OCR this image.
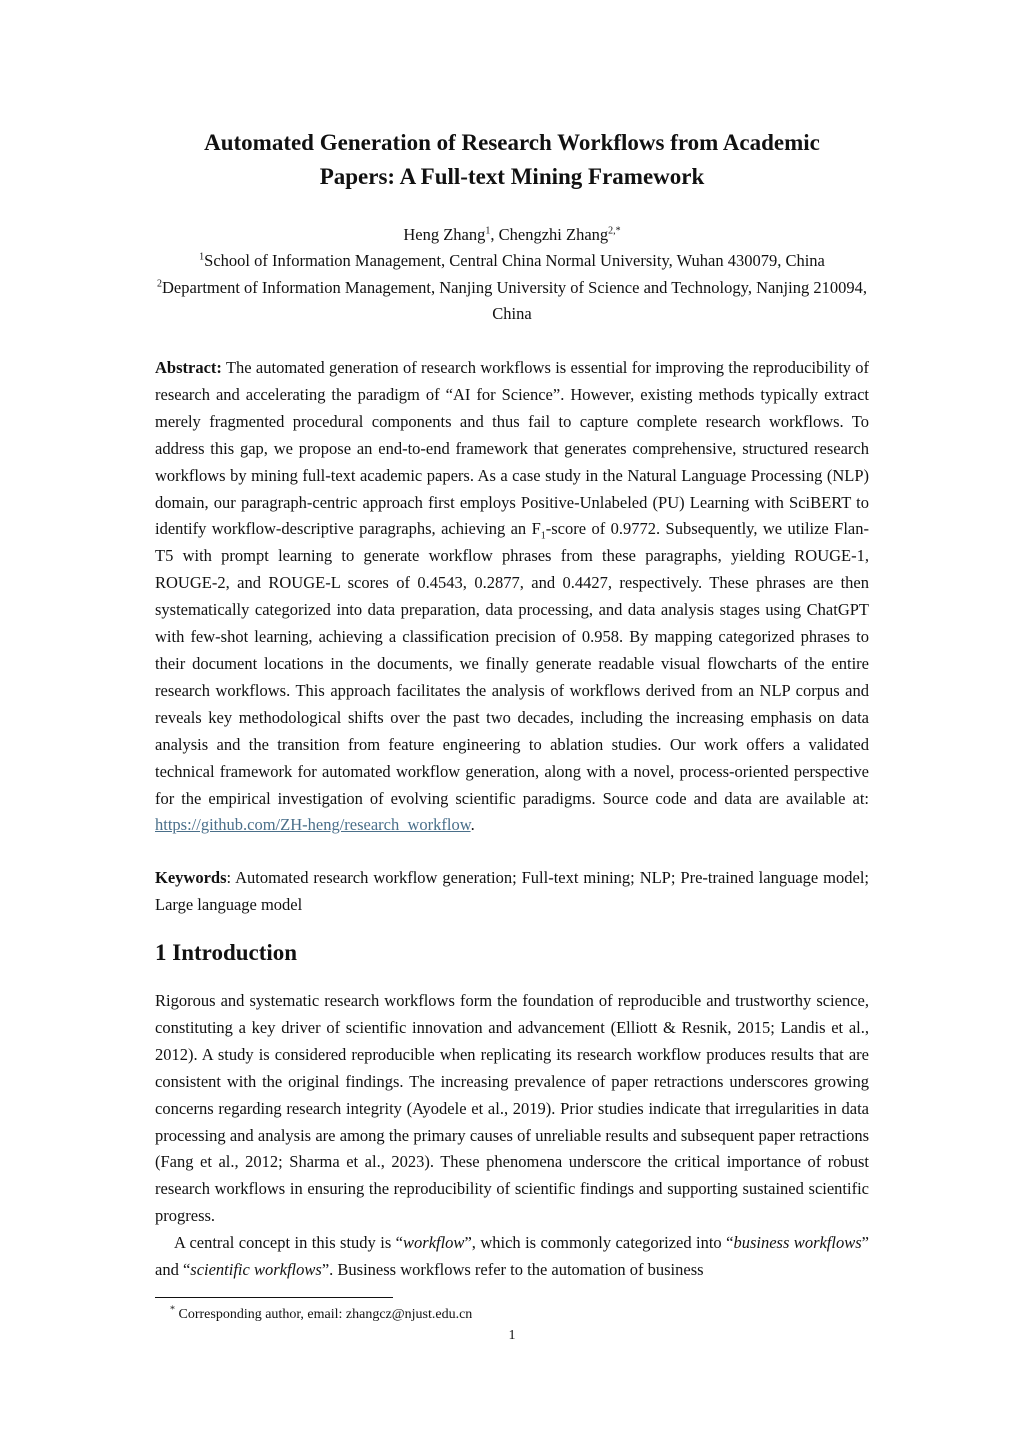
Automated Generation of Research Workflows from Academic
Papers: A Full-text Mining Framework
Heng Zhang$^1$, Chengzhi Zhang$^{2,*}$
$^1$School of Information Management, Central China Normal University, Wuhan 430079, China
$^2$Department of Information Management, Nanjing University of Science and Technology, Nanjing 210094, China

Abstract: The automated generation of research workflows is essential for improving the reproducibility of research and accelerating the paradigm of “AI for Science”. However, existing methods typically extract merely fragmented procedural components and thus fail to capture complete research workflows. To address this gap, we propose an end-to-end framework that generates comprehensive, structured research workflows by mining full-text academic papers. As a case study in the Natural Language Processing (NLP) domain, our paragraph-centric approach first employs Positive-Unlabeled (PU) Learning with SciBERT to identify workflow-descriptive paragraphs, achieving an $F_1$-score of 0.9772. Subsequently, we utilize Flan-T5 with prompt learning to generate workflow phrases from these paragraphs, yielding ROUGE-1, ROUGE-2, and ROUGE-L scores of 0.4543, 0.2877, and 0.4427, respectively. These phrases are then systematically categorized into data preparation, data processing, and data analysis stages using ChatGPT with few-shot learning, achieving a classification precision of 0.958. By mapping categorized phrases to their document locations in the documents, we finally generate readable visual flowcharts of the entire research workflows. This approach facilitates the analysis of workflows derived from an NLP corpus and reveals key methodological shifts over the past two decades, including the increasing emphasis on data analysis and the transition from feature engineering to ablation studies. Our work offers a validated technical framework for automated workflow generation, along with a novel, process-oriented perspective for the empirical investigation of evolving scientific paradigms. Source code and data are available at: https://github.com/ZH-heng/research_workflow.

Keywords: Automated research workflow generation; Full-text mining; NLP; Pre-trained language model; Large language model

1 Introduction

Rigorous and systematic research workflows form the foundation of reproducible and trustworthy science, constituting a key driver of scientific innovation and advancement (Elliott & Resnik, 2015; Landis et al., 2012). A study is considered reproducible when replicating its research workflow produces results that are consistent with the original findings. The increasing prevalence of paper retractions underscores growing concerns regarding research integrity (Ayodele et al., 2019). Prior studies indicate that irregularities in data processing and analysis are among the primary causes of unreliable results and subsequent paper retractions (Fang et al., 2012; Sharma et al., 2023). These phenomena underscore the critical importance of robust research workflows in ensuring the reproducibility of scientific findings and supporting sustained scientific progress.

A central concept in this study is “workflow”, which is commonly categorized into “business workflows” and “scientific workflows”. Business workflows refer to the automation of business

* Corresponding author, email: zhangcz@njust.edu.cn
1
